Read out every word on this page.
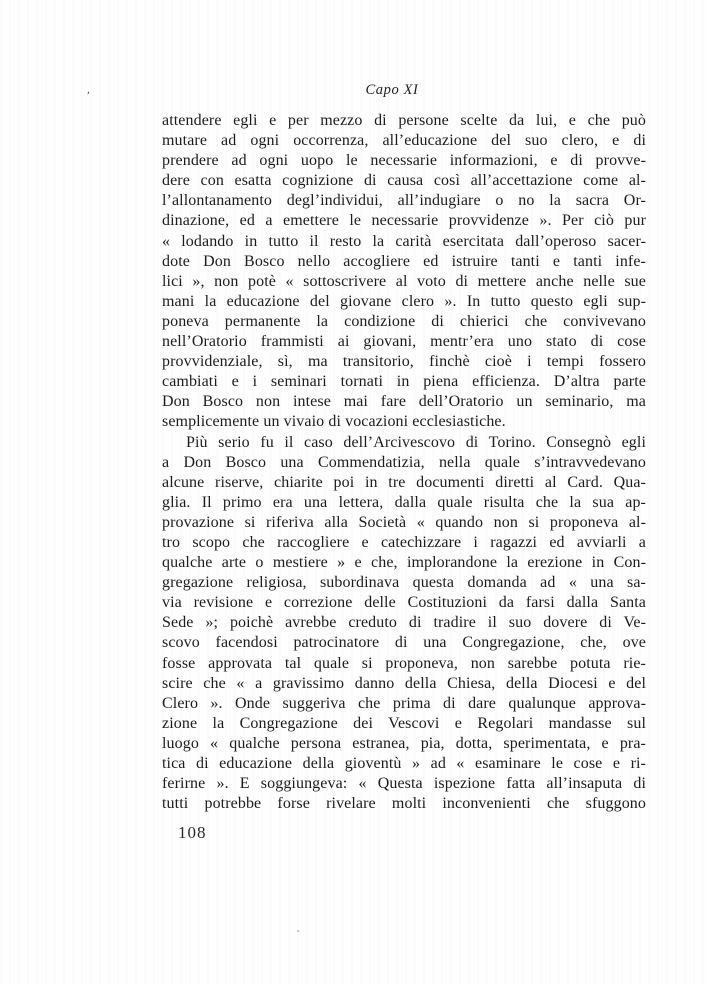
Capo XI
’
attendere egli e per mezzo di persone scelte da lui, e che può
mutare ad ogni occorrenza, all’educazione del suo clero, e di
prendere ad ogni uopo le necessarie informazioni, e di provve-
dere con esatta cognizione di causa così all’accettazione come al-
l’allontanamento degl’individui, all’indugiare o no la sacra Or-
dinazione, ed a emettere le necessarie provvidenze ». Per ciò pur
« lodando in tutto il resto la carità esercitata dall’operoso sacer-
dote Don Bosco nello accogliere ed istruire tanti e tanti infe-
lici », non potè « sottoscrivere al voto di mettere anche nelle sue
mani la educazione del giovane clero ». In tutto questo egli sup-
poneva permanente la condizione di chierici che convivevano
nell’Oratorio frammisti ai giovani, mentr’era uno stato di cose
provvidenziale, sì, ma transitorio, finchè cioè i tempi fossero
cambiati e i seminari tornati in piena efficienza. D’altra parte
Don Bosco non intese mai fare dell’Oratorio un seminario, ma
semplicemente un vivaio di vocazioni ecclesiastiche.
Più serio fu il caso dell’Arcivescovo di Torino. Consegnò egli
a Don Bosco una Commendatizia, nella quale s’intravvedevano
alcune riserve, chiarite poi in tre documenti diretti al Card. Qua-
glia. Il primo era una lettera, dalla quale risulta che la sua ap-
provazione si riferiva alla Società « quando non si proponeva al-
tro scopo che raccogliere e catechizzare i ragazzi ed avviarli a
qualche arte o mestiere » e che, implorandone la erezione in Con-
gregazione religiosa, subordinava questa domanda ad « una sa-
via revisione e correzione delle Costituzioni da farsi dalla Santa
Sede »; poichè avrebbe creduto di tradire il suo dovere di Ve-
scovo facendosi patrocinatore di una Congregazione, che, ove
fosse approvata tal quale si proponeva, non sarebbe potuta rie-
scire che « a gravissimo danno della Chiesa, della Diocesi e del
Clero ». Onde suggeriva che prima di dare qualunque approva-
zione la Congregazione dei Vescovi e Regolari mandasse sul
luogo « qualche persona estranea, pia, dotta, sperimentata, e pra-
tica di educazione della gioventù » ad « esaminare le cose e ri-
ferirne ». E soggiungeva: « Questa ispezione fatta all’insaputa di
tutti potrebbe forse rivelare molti inconvenienti che sfuggono
108
